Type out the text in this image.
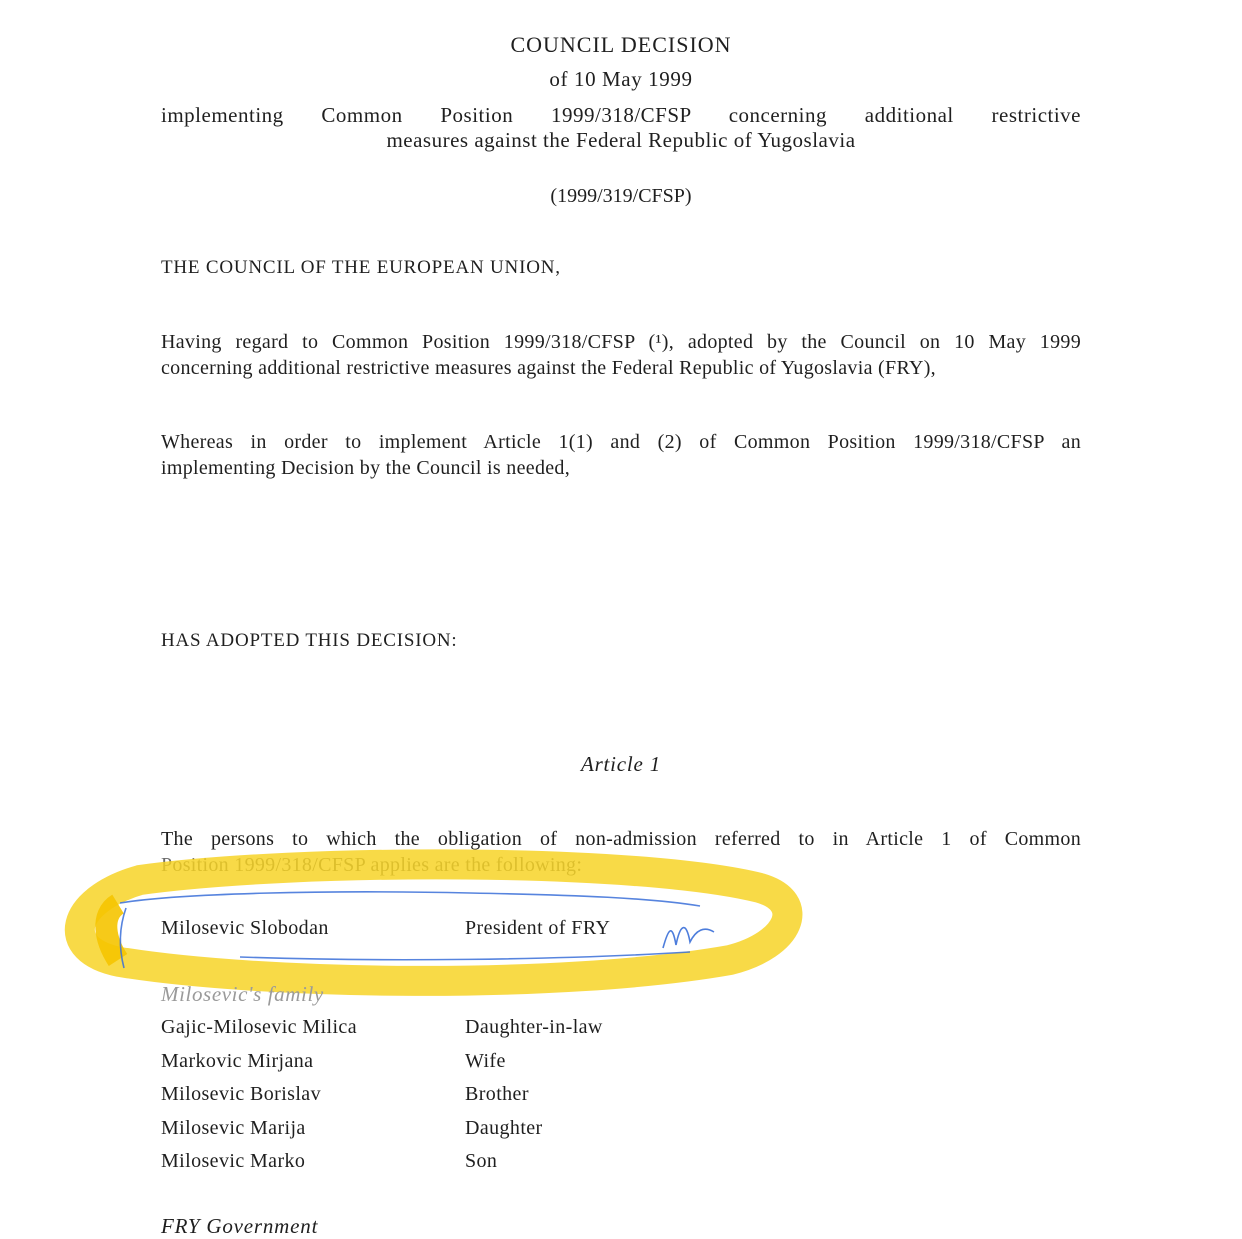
COUNCIL DECISION
of 10 May 1999
implementing Common Position 1999/318/CFSP concerning additional restrictive
measures against the Federal Republic of Yugoslavia
(1999/319/CFSP)
THE COUNCIL OF THE EUROPEAN UNION,
Having regard to Common Position 1999/318/CFSP (¹), adopted by the Council on 10 May 1999
concerning additional restrictive measures against the Federal Republic of Yugoslavia (FRY),
Whereas in order to implement Article 1(1) and (2) of Common Position 1999/318/CFSP an
implementing Decision by the Council is needed,
HAS ADOPTED THIS DECISION:
Article 1
The persons to which the obligation of non-admission referred to in Article 1 of Common
Position 1999/318/CFSP applies are the following:
Milosevic Slobodan	President of FRY
Milosevic's family
Gajic-Milosevic Milica	Daughter-in-law
Markovic Mirjana	Wife
Milosevic Borislav	Brother
Milosevic Marija	Daughter
Milosevic Marko	Son
FRY Government
